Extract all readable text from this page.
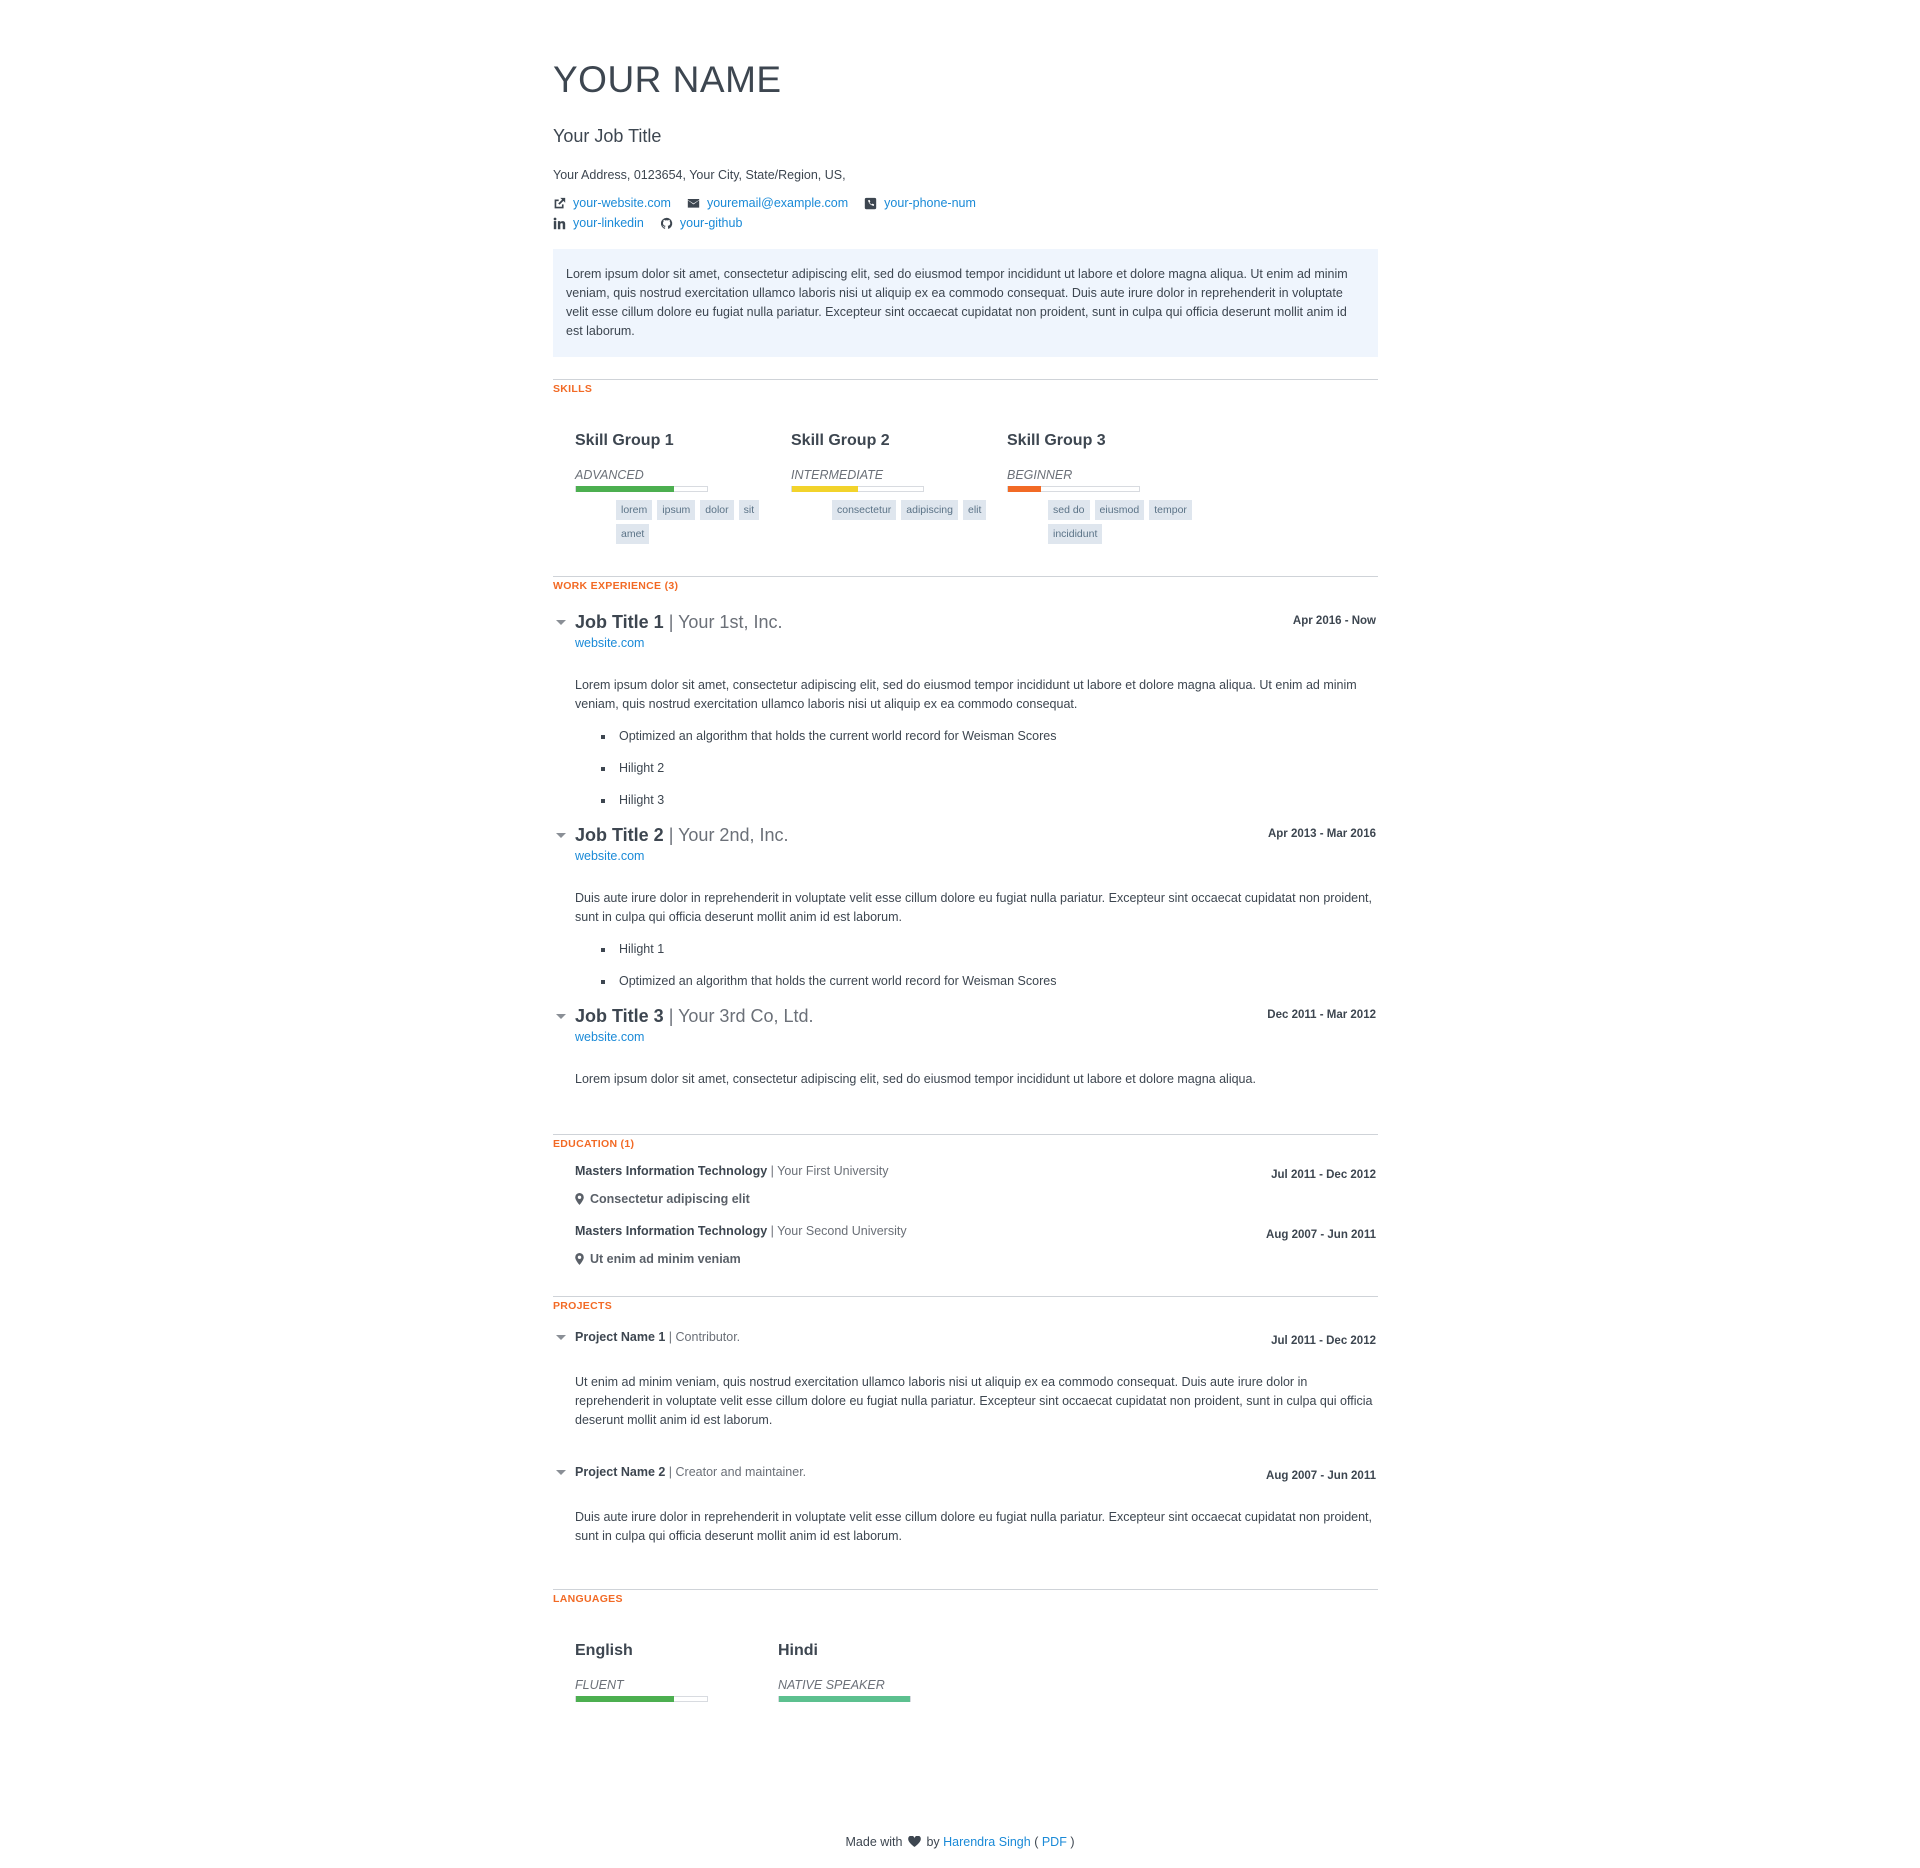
YOUR NAME
Your Job Title
Your Address, 0123654, Your City, State/Region, US,
your-website.com	youremail@example.com	your-phone-num
your-linkedin	your-github
Lorem ipsum dolor sit amet, consectetur adipiscing elit, sed do eiusmod tempor incididunt ut labore et dolore magna aliqua. Ut enim ad minim veniam, quis nostrud exercitation ullamco laboris nisi ut aliquip ex ea commodo consequat. Duis aute irure dolor in reprehenderit in voluptate velit esse cillum dolore eu fugiat nulla pariatur. Excepteur sint occaecat cupidatat non proident, sunt in culpa qui officia deserunt mollit anim id est laborum.
SKILLS
Skill Group 1
ADVANCED
lorem	ipsum	dolor	sit
amet
Skill Group 2
INTERMEDIATE
consectetur	adipiscing	elit
Skill Group 3
BEGINNER
sed do	eiusmod	tempor
incididunt
WORK EXPERIENCE (3)
Job Title 1 | Your 1st, Inc.	Apr 2016 - Now
website.com
Lorem ipsum dolor sit amet, consectetur adipiscing elit, sed do eiusmod tempor incididunt ut labore et dolore magna aliqua. Ut enim ad minim veniam, quis nostrud exercitation ullamco laboris nisi ut aliquip ex ea commodo consequat.
▪ Optimized an algorithm that holds the current world record for Weisman Scores
▪ Hilight 2
▪ Hilight 3
Job Title 2 | Your 2nd, Inc.	Apr 2013 - Mar 2016
website.com
Duis aute irure dolor in reprehenderit in voluptate velit esse cillum dolore eu fugiat nulla pariatur. Excepteur sint occaecat cupidatat non proident, sunt in culpa qui officia deserunt mollit anim id est laborum.
▪ Hilight 1
▪ Optimized an algorithm that holds the current world record for Weisman Scores
Job Title 3 | Your 3rd Co, Ltd.	Dec 2011 - Mar 2012
website.com
Lorem ipsum dolor sit amet, consectetur adipiscing elit, sed do eiusmod tempor incididunt ut labore et dolore magna aliqua.
EDUCATION (1)
Masters Information Technology | Your First University	Jul 2011 - Dec 2012
Consectetur adipiscing elit
Masters Information Technology | Your Second University	Aug 2007 - Jun 2011
Ut enim ad minim veniam
PROJECTS
Project Name 1 | Contributor.	Jul 2011 - Dec 2012
Ut enim ad minim veniam, quis nostrud exercitation ullamco laboris nisi ut aliquip ex ea commodo consequat. Duis aute irure dolor in reprehenderit in voluptate velit esse cillum dolore eu fugiat nulla pariatur. Excepteur sint occaecat cupidatat non proident, sunt in culpa qui officia deserunt mollit anim id est laborum.
Project Name 2 | Creator and maintainer.	Aug 2007 - Jun 2011
Duis aute irure dolor in reprehenderit in voluptate velit esse cillum dolore eu fugiat nulla pariatur. Excepteur sint occaecat cupidatat non proident, sunt in culpa qui officia deserunt mollit anim id est laborum.
LANGUAGES
English
FLUENT
Hindi
NATIVE SPEAKER
Made with by Harendra Singh ( PDF )
